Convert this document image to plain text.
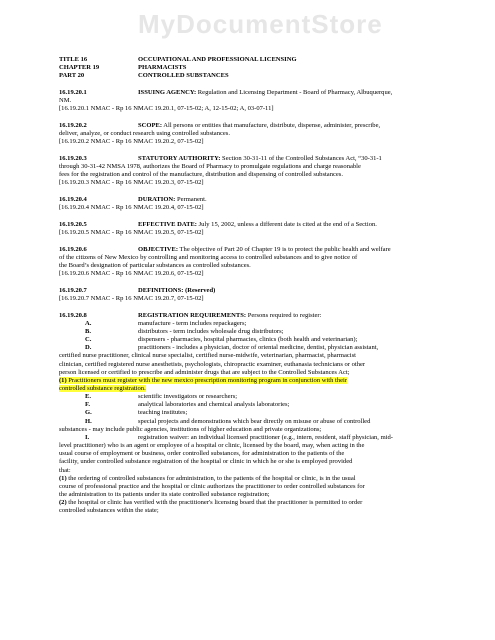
MyDocumentStore
TITLE 16	OCCUPATIONAL AND PROFESSIONAL LICENSING
CHAPTER 19	PHARMACISTS
PART 20	CONTROLLED SUBSTANCES
16.19.20.1	ISSUING AGENCY: Regulation and Licensing Department - Board of Pharmacy, Albuquerque,
NM.
[16.19.20.1 NMAC - Rp 16 NMAC 19.20.1, 07-15-02; A, 12-15-02; A, 03-07-11]
16.19.20.2	SCOPE: All persons or entities that manufacture, distribute, dispense, administer, prescribe,
deliver, analyze, or conduct research using controlled substances.
[16.19.20.2 NMAC - Rp 16 NMAC 19.20.2, 07-15-02]
16.19.20.3	STATUTORY AUTHORITY: Section 30-31-11 of the Controlled Substances Act, “30-31-1
through 30-31-42 NMSA 1978, authorizes the Board of Pharmacy to promulgate regulations and charge reasonable
fees for the registration and control of the manufacture, distribution and dispensing of controlled substances.
[16.19.20.3 NMAC - Rp 16 NMAC 19.20.3, 07-15-02]
16.19.20.4	DURATION: Permanent.
[16.19.20.4 NMAC - Rp 16 NMAC 19.20.4, 07-15-02]
16.19.20.5	EFFECTIVE DATE: July 15, 2002, unless a different date is cited at the end of a Section.
[16.19.20.5 NMAC - Rp 16 NMAC 19.20.5, 07-15-02]
16.19.20.6	OBJECTIVE: The objective of Part 20 of Chapter 19 is to protect the public health and welfare
of the citizens of New Mexico by controlling and monitoring access to controlled substances and to give notice of
the Board’s designation of particular substances as controlled substances.
[16.19.20.6 NMAC - Rp 16 NMAC 19.20.6, 07-15-02]
16.19.20.7	DEFINITIONS: (Reserved)
[16.19.20.7 NMAC - Rp 16 NMAC 19.20.7, 07-15-02]
16.19.20.8	REGISTRATION REQUIREMENTS: Persons required to register:
A.	manufacture - term includes repackagers;
B.	distributors - term includes wholesale drug distributors;
C.	dispensers - pharmacies, hospital pharmacies, clinics (both health and veterinarian);
D.	practitioners - includes a physician, doctor of oriental medicine, dentist, physician assistant,
certified nurse practitioner, clinical nurse specialist, certified nurse-midwife, veterinarian, pharmacist, pharmacist
clinician, certified registered nurse anesthetists, psychologists, chiropractic examiner, euthanasia technicians or other
person licensed or certified to prescribe and administer drugs that are subject to the Controlled Substances Act;
(1) Practitioners must register with the new mexico prescription monitoring program in conjunction with their
controlled substance registration.
E.	scientific investigators or researchers;
F.	analytical laboratories and chemical analysis laboratories;
G.	teaching institutes;
H.	special projects and demonstrations which bear directly on misuse or abuse of controlled
substances - may include public agencies, institutions of higher education and private organizations;
I.	registration waiver: an individual licensed practitioner (e.g., intern, resident, staff physician, mid-
level practitioner) who is an agent or employee of a hospital or clinic, licensed by the board, may, when acting in the
usual course of employment or business, order controlled substances, for administration to the patients of the
facility, under controlled substance registration of the hospital or clinic in which he or she is employed provided
that:
(1) the ordering of controlled substances for administration, to the patients of the hospital or clinic, is in the usual
course of professional practice and the hospital or clinic authorizes the practitioner to order controlled substances for
the administration to its patients under its state controlled substance registration;
(2) the hospital or clinic has verified with the practitioner's licensing board that the practitioner is permitted to order
controlled substances within the state;
